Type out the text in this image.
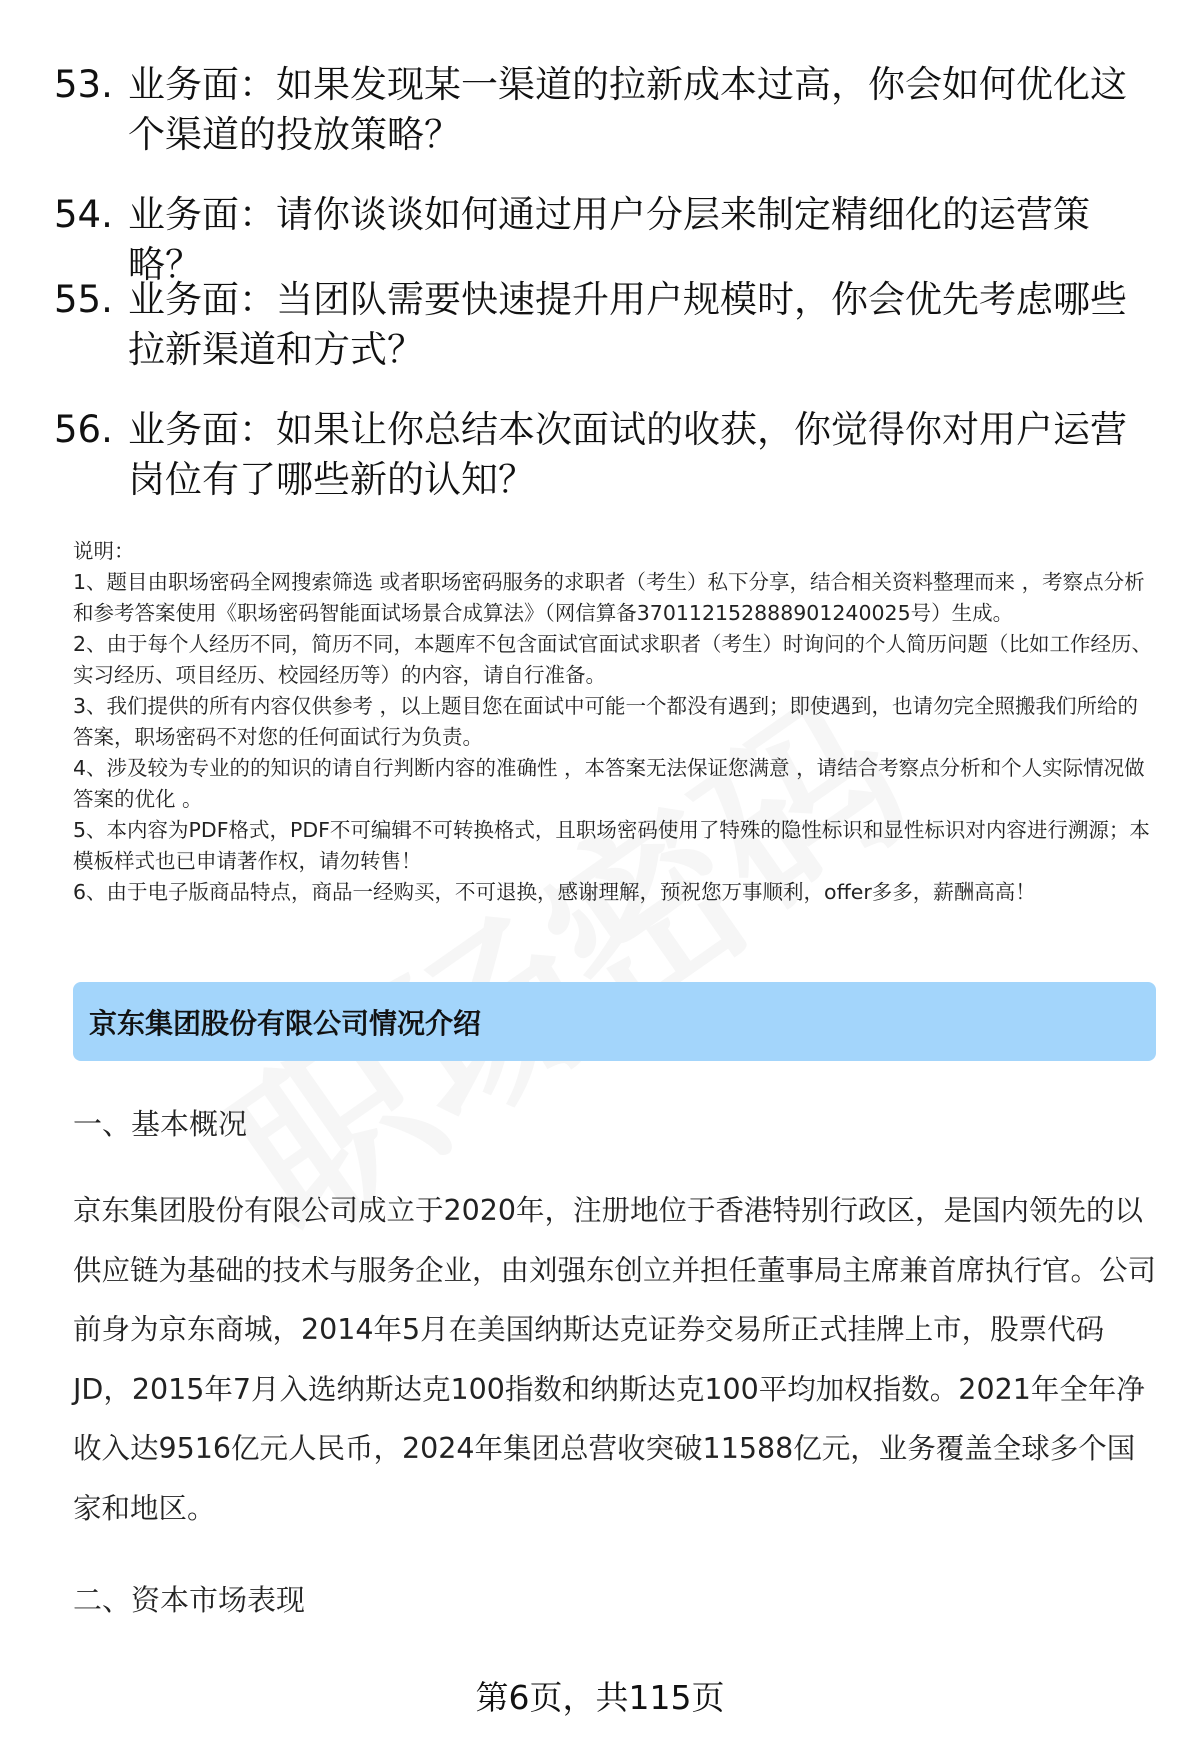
53. 业务面：如果发现某一渠道的拉新成本过高，你会如何优化这个渠道的投放策略？
54. 业务面：请你谈谈如何通过用户分层来制定精细化的运营策略？
55. 业务面：当团队需要快速提升用户规模时，你会优先考虑哪些拉新渠道和方式？
56. 业务面：如果让你总结本次面试的收获，你觉得你对用户运营岗位有了哪些新的认知？

说明：

1、题目由职场密码全网搜索筛选 或者职场密码服务的求职者（考生）私下分享，结合相关资料整理而来 ，考察点分析和参考答案使用《职场密码智能面试场景合成算法》（网信算备370112152888901240025号）生成。

2、由于每个人经历不同，简历不同，本题库不包含面试官面试求职者（考生）时询问的个人简历问题（比如工作经历、实习经历、项目经历、校园经历等）的内容，请自行准备。

3、我们提供的所有内容仅供参考 ，以上题目您在面试中可能一个都没有遇到；即使遇到，也请勿完全照搬我们所给的答案，职场密码不对您的任何面试行为负责。

4、涉及较为专业的的知识的请自行判断内容的准确性 ，本答案无法保证您满意 ，请结合考察点分析和个人实际情况做答案的优化 。

5、本内容为PDF格式，PDF不可编辑不可转换格式，且职场密码使用了特殊的隐性标识和显性标识对内容进行溯源；本模板样式也已申请著作权，请勿转售！

6、由于电子版商品特点，商品一经购买，不可退换，感谢理解，预祝您万事顺利，offer多多，薪酬高高！

京东集团股份有限公司情况介绍
一、基本概况
京东集团股份有限公司成立于2020年，注册地位于香港特别行政区，是国内领先的以供应链为基础的技术与服务企业，由刘强东创立并担任董事局主席兼首席执行官。公司前身为京东商城，2014年5月在美国纳斯达克证券交易所正式挂牌上市，股票代码JD，2015年7月入选纳斯达克100指数和纳斯达克100平均加权指数。2021年全年净收入达9516亿元人民币，2024年集团总营收突破11588亿元，业务覆盖全球多个国家和地区。
二、资本市场表现
第6页，共115页
